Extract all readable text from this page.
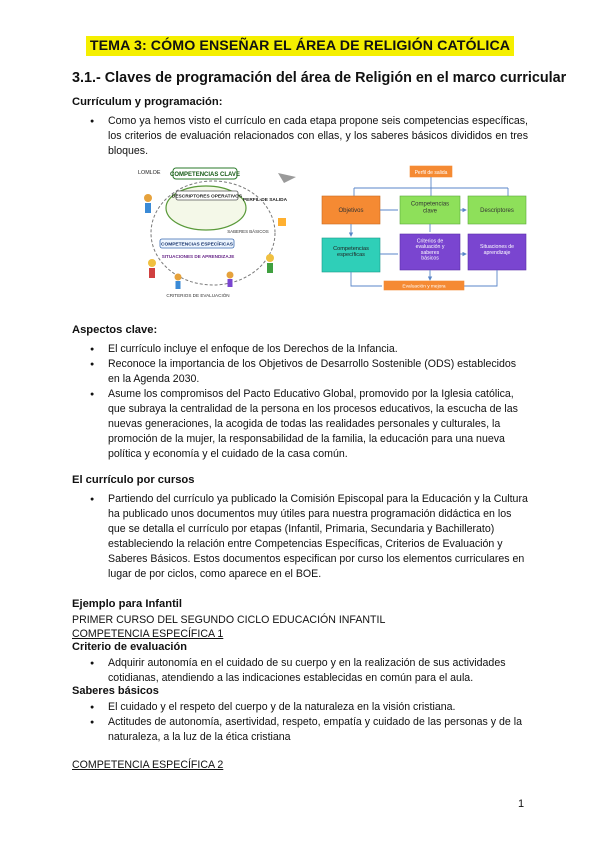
TEMA 3: CÓMO ENSEÑAR EL ÁREA DE RELIGIÓN CATÓLICA
3.1.- Claves de programación del área de Religión en el marco curricular
Currículum y programación:
● Como ya hemos visto el currículo en cada etapa propone seis competencias específicas, los criterios de evaluación relacionados con ellas, y los saberes básicos divididos en tres bloques.
COMPETENCIAS CLAVE
LOMLOE
DESCRIPTORES OPERATIVOS
PERFIL DE SALIDA
SABERES BÁSICOS
COMPETENCIAS ESPECÍFICAS
SITUACIONES DE APRENDIZAJE
CRITERIOS DE EVALUACIÓN
Perfil de salida
Objetivos
Competencias clave	Descriptores
Competencias específicas
Criterios de evaluación y saberes básicos
Situaciones de aprendizaje
Evaluación y mejora
Aspectos clave:
● El currículo incluye el enfoque de los Derechos de la Infancia.
● Reconoce la importancia de los Objetivos de Desarrollo Sostenible (ODS) establecidos en la Agenda 2030.
● Asume los compromisos del Pacto Educativo Global, promovido por la Iglesia católica, que subraya la centralidad de la persona en los procesos educativos, la escucha de las nuevas generaciones, la acogida de todas las realidades personales y culturales, la promoción de la mujer, la responsabilidad de la familia, la educación para una nueva política y economía y el cuidado de la casa común.
El currículo por cursos
● Partiendo del currículo ya publicado la Comisión Episcopal para la Educación y la Cultura ha publicado unos documentos muy útiles para nuestra programación didáctica en los que se detalla el currículo por etapas (Infantil, Primaria, Secundaria y Bachillerato) estableciendo la relación entre Competencias Específicas, Criterios de Evaluación y Saberes Básicos. Estos documentos especifican por curso los elementos curriculares en lugar de por ciclos, como aparece en el BOE.
Ejemplo para Infantil
PRIMER CURSO DEL SEGUNDO CICLO EDUCACIÓN INFANTIL
COMPETENCIA ESPECÍFICA 1
Criterio de evaluación
● Adquirir autonomía en el cuidado de su cuerpo y en la realización de sus actividades cotidianas, atendiendo a las indicaciones establecidas en común para el aula.
Saberes básicos
● El cuidado y el respeto del cuerpo y de la naturaleza en la visión cristiana.
● Actitudes de autonomía, asertividad, respeto, empatía y cuidado de las personas y de la naturaleza, a la luz de la ética cristiana
COMPETENCIA ESPECÍFICA 2
1
